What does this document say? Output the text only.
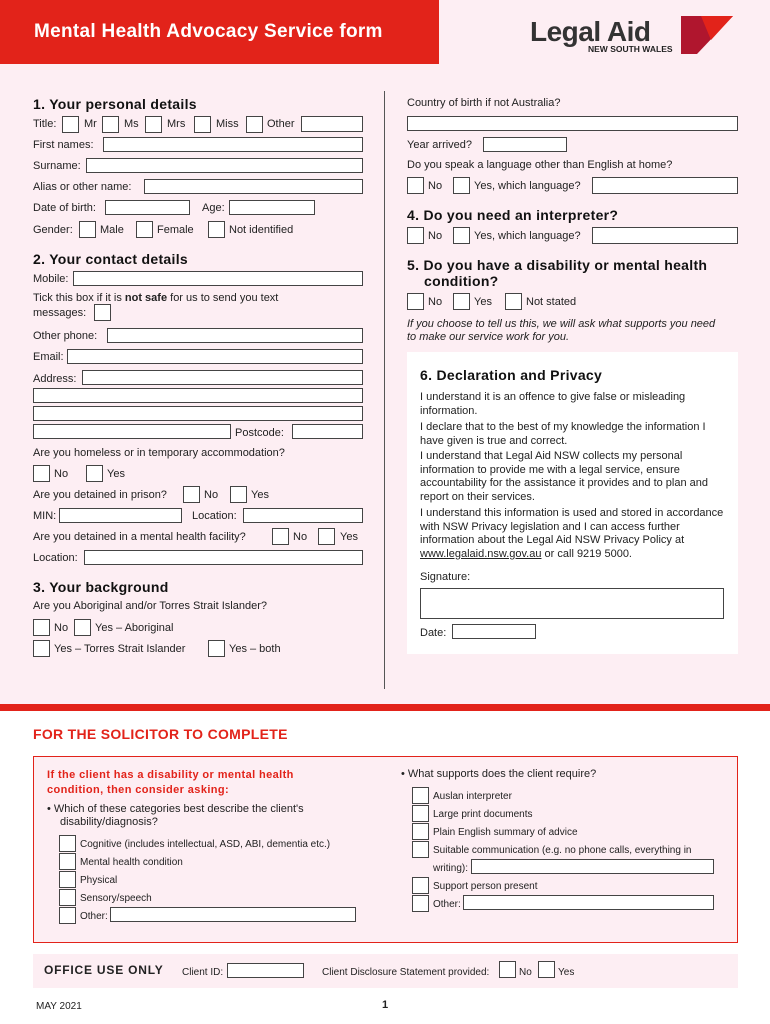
Mental Health Advocacy Service form	Legal Aid
NEW SOUTH WALES
1. Your personal details
Title:	Mr Ms	Mrs	Miss	Other
First names:
Surname:
Alias or other name:
Date of birth:	Age:
Gender: Male	Female	Not identified
2. Your contact details
Mobile:
Tick this box if it is not safe for us to send you text
messages:
Other phone:
Email:
Address:
Postcode:
Are you homeless or in temporary accommodation?
No	Yes
Are you detained in prison?	No	Yes
MIN:	Location:
Are you detained in a mental health facility?	No	Yes
Location:
3. Your background
Are you Aboriginal and/or Torres Strait Islander?
No Yes – Aboriginal
Yes – Torres Strait Islander	Yes – both
Country of birth if not Australia?
Year arrived?
Do you speak a language other than English at home?
No	Yes, which language?
4. Do you need an interpreter?
No	Yes, which language?
5. Do you have a disability or mental health
condition?
No	Yes	Not stated
If you choose to tell us this, we will ask what supports you need
to make our service work for you.
6. Declaration and Privacy
I understand it is an offence to give false or misleading information.
I declare that to the best of my knowledge the information I have given is true and correct.
I understand that Legal Aid NSW collects my personal information to provide me with a legal service, ensure accountability for the assistance it provides and to plan and report on their services.
I understand this information is used and stored in accordance with NSW Privacy legislation and I can access further information about the Legal Aid NSW Privacy Policy at www.legalaid.nsw.gov.au or call 9219 5000.
Signature:
Date:
FOR THE SOLICITOR TO COMPLETE
If the client has a disability or mental health
condition, then consider asking:
• Which of these categories best describe the client's
disability/diagnosis?
Cognitive (includes intellectual, ASD, ABI, dementia etc.)
Mental health condition
Physical
Sensory/speech
Other:
• What supports does the client require?
Auslan interpreter
Large print documents
Plain English summary of advice
Suitable communication (e.g. no phone calls, everything in
writing):
Support person present
Other:
OFFICE USE ONLY Client ID:	Client Disclosure Statement provided:	No	Yes
MAY 2021	1
